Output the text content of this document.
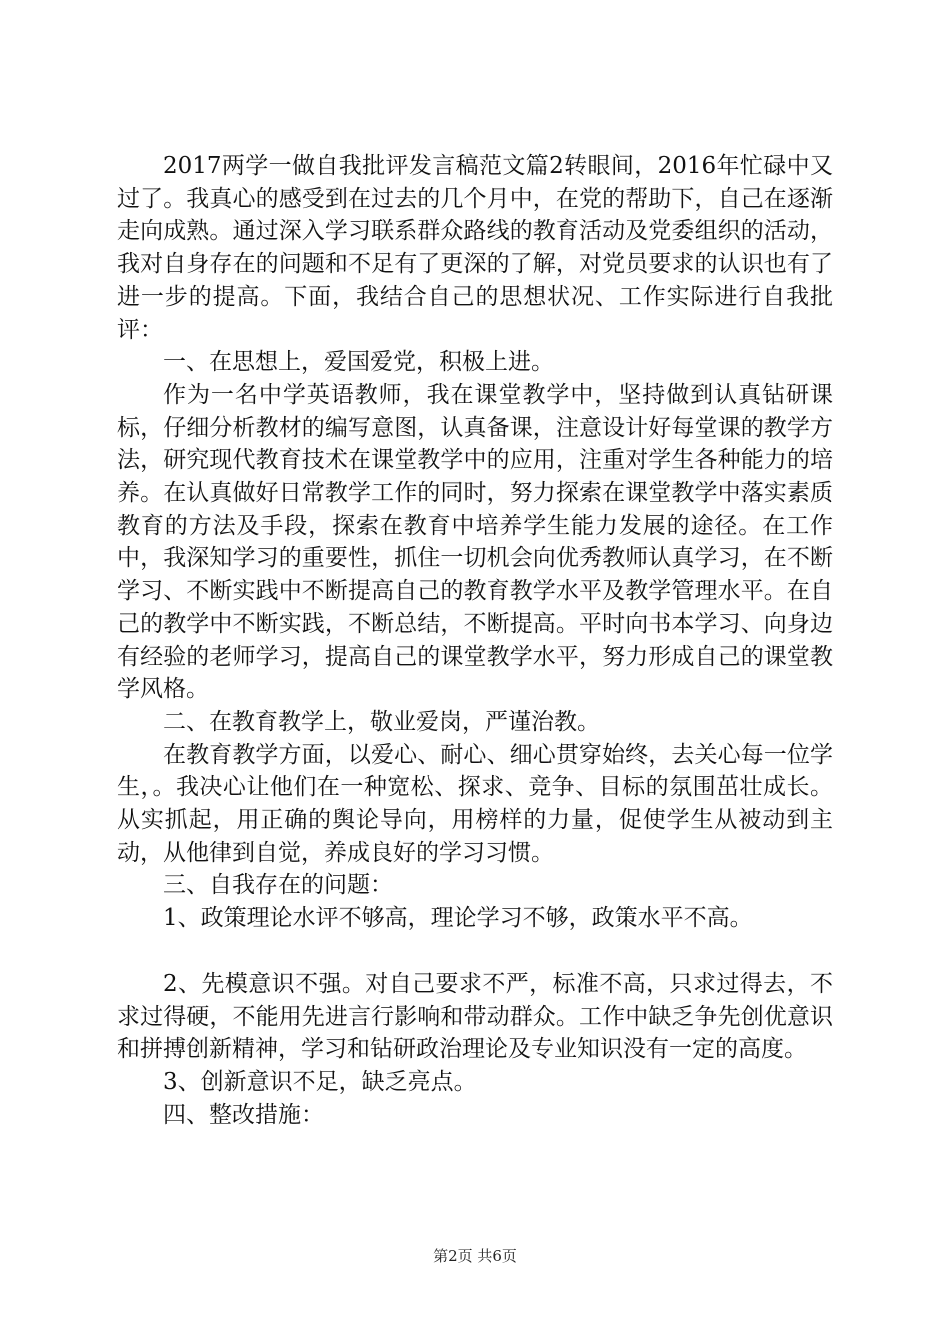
2017两学一做自我批评发言稿范文篇2转眼间，2016年忙碌中又过了。我真心的感受到在过去的几个月中，在党的帮助下，自己在逐渐走向成熟。通过深入学习联系群众路线的教育活动及党委组织的活动，我对自身存在的问题和不足有了更深的了解，对党员要求的认识也有了进一步的提高。下面，我结合自己的思想状况、工作实际进行自我批评：

一、在思想上，爱国爱党，积极上进。

作为一名中学英语教师，我在课堂教学中，坚持做到认真钻研课标，仔细分析教材的编写意图，认真备课，注意设计好每堂课的教学方法，研究现代教育技术在课堂教学中的应用，注重对学生各种能力的培养。在认真做好日常教学工作的同时，努力探索在课堂教学中落实素质教育的方法及手段，探索在教育中培养学生能力发展的途径。在工作中，我深知学习的重要性，抓住一切机会向优秀教师认真学习，在不断学习、不断实践中不断提高自己的教育教学水平及教学管理水平。在自己的教学中不断实践，不断总结，不断提高。平时向书本学习、向身边有经验的老师学习，提高自己的课堂教学水平，努力形成自己的课堂教学风格。

二、在教育教学上，敬业爱岗，严谨治教。

在教育教学方面，以爱心、耐心、细心贯穿始终，去关心每一位学生，。我决心让他们在一种宽松、探求、竞争、目标的氛围茁壮成长。从实抓起，用正确的舆论导向，用榜样的力量，促使学生从被动到主动，从他律到自觉，养成良好的学习习惯。

三、自我存在的问题：

1、政策理论水评不够高，理论学习不够，政策水平不高。

2、先模意识不强。对自己要求不严，标准不高，只求过得去，不求过得硬，不能用先进言行影响和带动群众。工作中缺乏争先创优意识和拼搏创新精神，学习和钻研政治理论及专业知识没有一定的高度。

3、创新意识不足，缺乏亮点。

四、整改措施：

第2页 共6页
